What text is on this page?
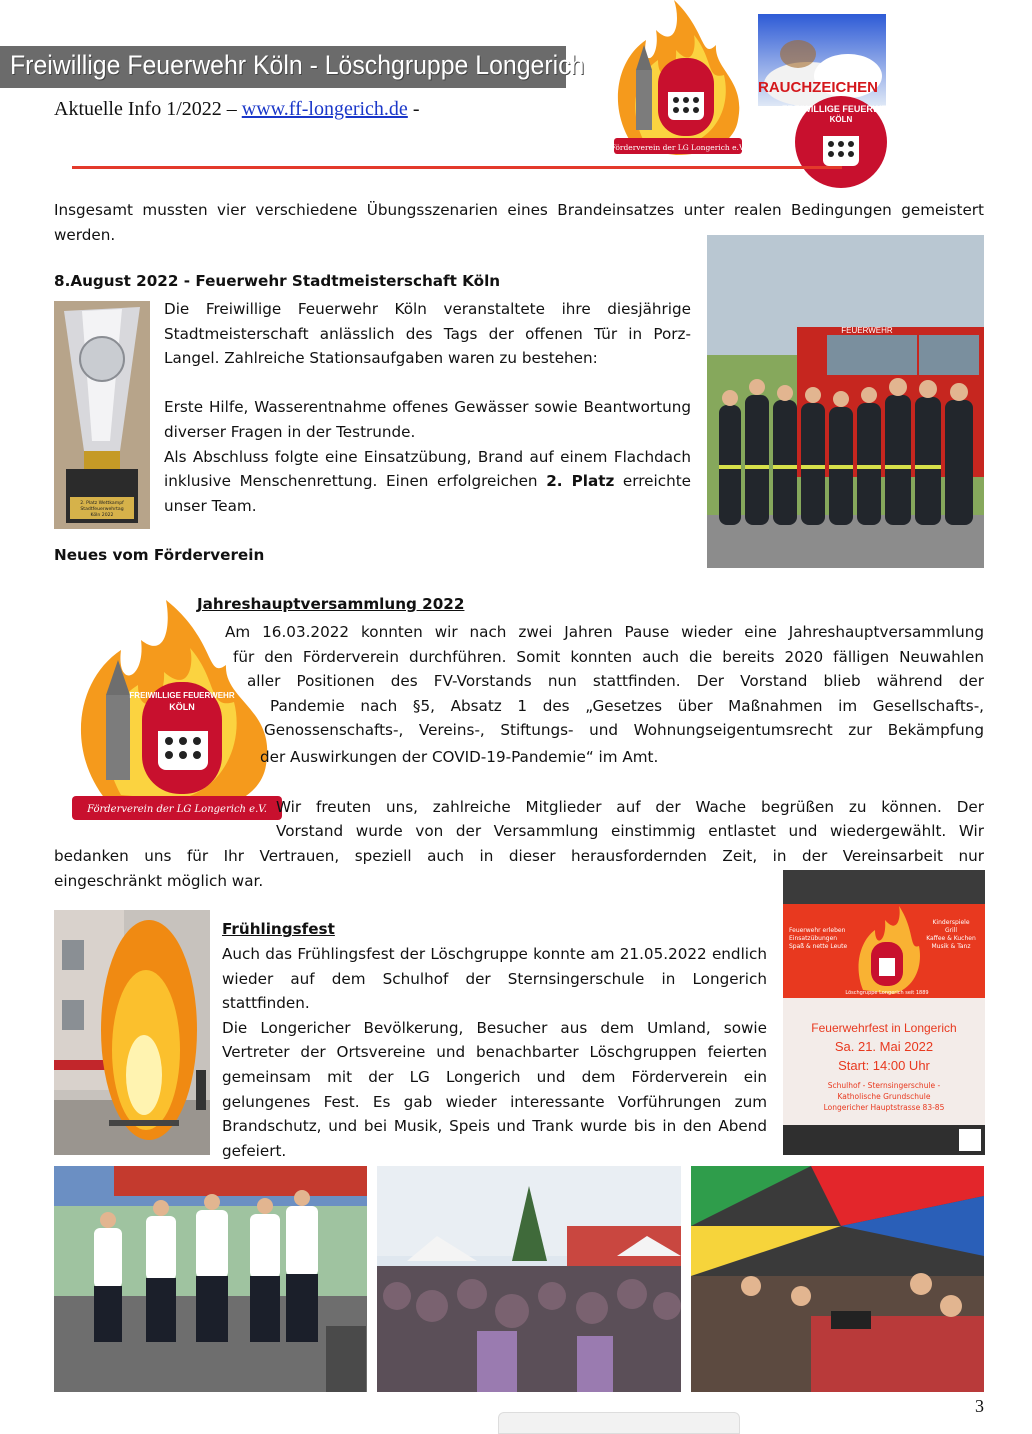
Freiwillige Feuerwehr Köln - Löschgruppe Longerich
Aktuelle Info 1/2022 – www.ff-longerich.de -
Förderverein der LG Longerich e.V.
RAUCHZEICHEN
FREIWILLIGE FEUERWEHR
KÖLN

Insgesamt mussten vier verschiedene Übungsszenarien eines Brandeinsatzes unter realen Bedingungen gemeistert werden.

FEUERWEHR
8.August 2022 - Feuerwehr Stadtmeisterschaft Köln
2. Platz Wettkampf
Stadtfeuerwehrtag
Köln 2022

Die Freiwillige Feuerwehr Köln veranstaltete ihre diesjährige Stadtmeisterschaft anlässlich des Tags der offenen Tür in Porz-Langel. Zahlreiche Stationsaufgaben waren zu bestehen:

Erste Hilfe, Wasserentnahme offenes Gewässer sowie Beantwortung diverser Fragen in der Testrunde.

Als Abschluss folgte eine Einsatzübung, Brand auf einem Flachdach inklusive Menschenrettung. Einen erfolgreichen 2. Platz erreichte unser Team.

Neues vom Förderverein
Jahreshauptversammlung 2022
FREIWILLIGE FEUERWEHR
KÖLN
Förderverein der LG Longerich e.V.
Am 16.03.2022 konnten wir nach zwei Jahren Pause wieder eine Jahreshauptversammlung
für den Förderverein durchführen. Somit konnten auch die bereits 2020 fälligen Neuwahlen
aller Positionen des FV-Vorstands nun stattfinden. Der Vorstand blieb während der
Pandemie nach §5, Absatz 1 des „Gesetzes über Maßnahmen im Gesellschafts-,
Genossenschafts-, Vereins-, Stiftungs- und Wohnungseigentumsrecht zur Bekämpfung
der Auswirkungen der COVID-19-Pandemie“ im Amt.
Wir freuten uns, zahlreiche Mitglieder auf der Wache begrüßen zu können. Der
Vorstand wurde von der Versammlung einstimmig entlastet und wiedergewählt. Wir
bedanken uns für Ihr Vertrauen, speziell auch in dieser herausfordernden Zeit, in der Vereinsarbeit nur
eingeschränkt möglich war.
Frühlingsfest

Auch das Frühlingsfest der Löschgruppe konnte am 21.05.2022 endlich wieder auf dem Schulhof der Sternsingerschule in Longerich stattfinden.

Die Longericher Bevölkerung, Besucher aus dem Umland, sowie Vertreter der Ortsvereine und benachbarter Löschgruppen feierten gemeinsam mit der LG Longerich und dem Förderverein ein gelungenes Fest. Es gab wieder interessante Vorführungen zum Brandschutz, und bei Musik, Speis und Trank wurde bis in den Abend gefeiert.

Feuerwehr erleben
Einsatzübungen
Spaß & nette Leute
Kinderspiele
Grill
Kaffee & Kuchen
Musik & Tanz
Löschgruppe Longerich seit 1889
Feuerwehrfest in Longerich
Sa. 21. Mai 2022
Start: 14:00 Uhr
Schulhof - Sternsingerschule -
Katholische Grundschule
Longericher Hauptstrasse 83-85
3
